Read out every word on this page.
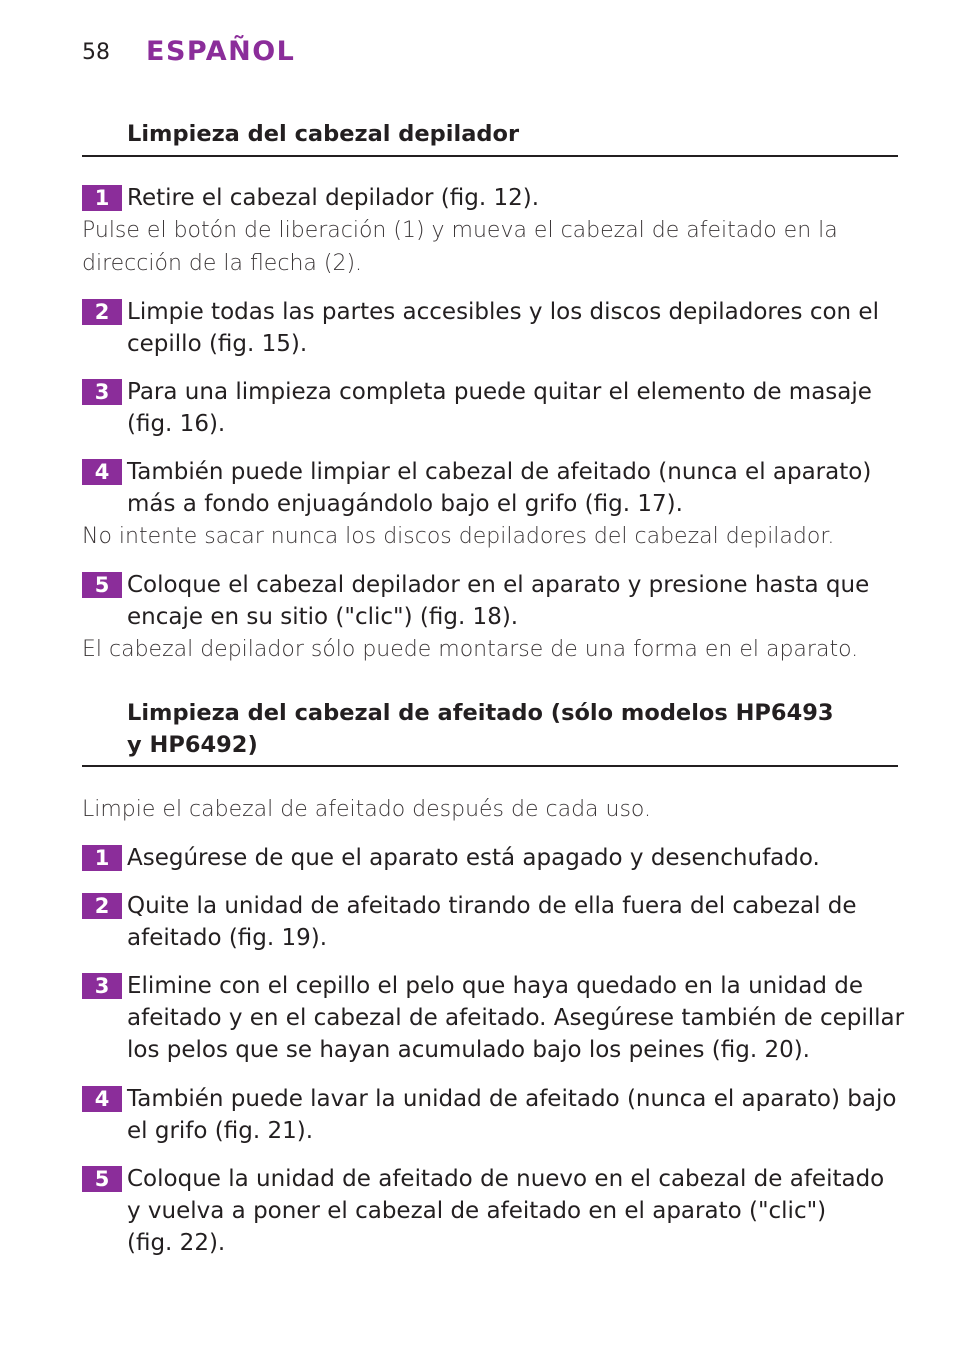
58 ESPAÑOL
Limpieza del cabezal depilador
1 Retire el cabezal depilador (fig. 12).
Pulse el botón de liberación (1) y mueva el cabezal de afeitado en la
dirección de la flecha (2).
2 Limpie todas las partes accesibles y los discos depiladores con el
cepillo (fig. 15).
3 Para una limpieza completa puede quitar el elemento de masaje
(fig. 16).
4 También puede limpiar el cabezal de afeitado (nunca el aparato)
más a fondo enjuagándolo bajo el grifo (fig. 17).
No intente sacar nunca los discos depiladores del cabezal depilador.
5 Coloque el cabezal depilador en el aparato y presione hasta que
encaje en su sitio ("clic") (fig. 18).
El cabezal depilador sólo puede montarse de una forma en el aparato.
Limpieza del cabezal de afeitado (sólo modelos HP6493
y HP6492)
Limpie el cabezal de afeitado después de cada uso.
1 Asegúrese de que el aparato está apagado y desenchufado.
2 Quite la unidad de afeitado tirando de ella fuera del cabezal de
afeitado (fig. 19).
3 Elimine con el cepillo el pelo que haya quedado en la unidad de
afeitado y en el cabezal de afeitado. Asegúrese también de cepillar
los pelos que se hayan acumulado bajo los peines (fig. 20).
4 También puede lavar la unidad de afeitado (nunca el aparato) bajo
el grifo (fig. 21).
5 Coloque la unidad de afeitado de nuevo en el cabezal de afeitado
y vuelva a poner el cabezal de afeitado en el aparato ("clic")
(fig. 22).
